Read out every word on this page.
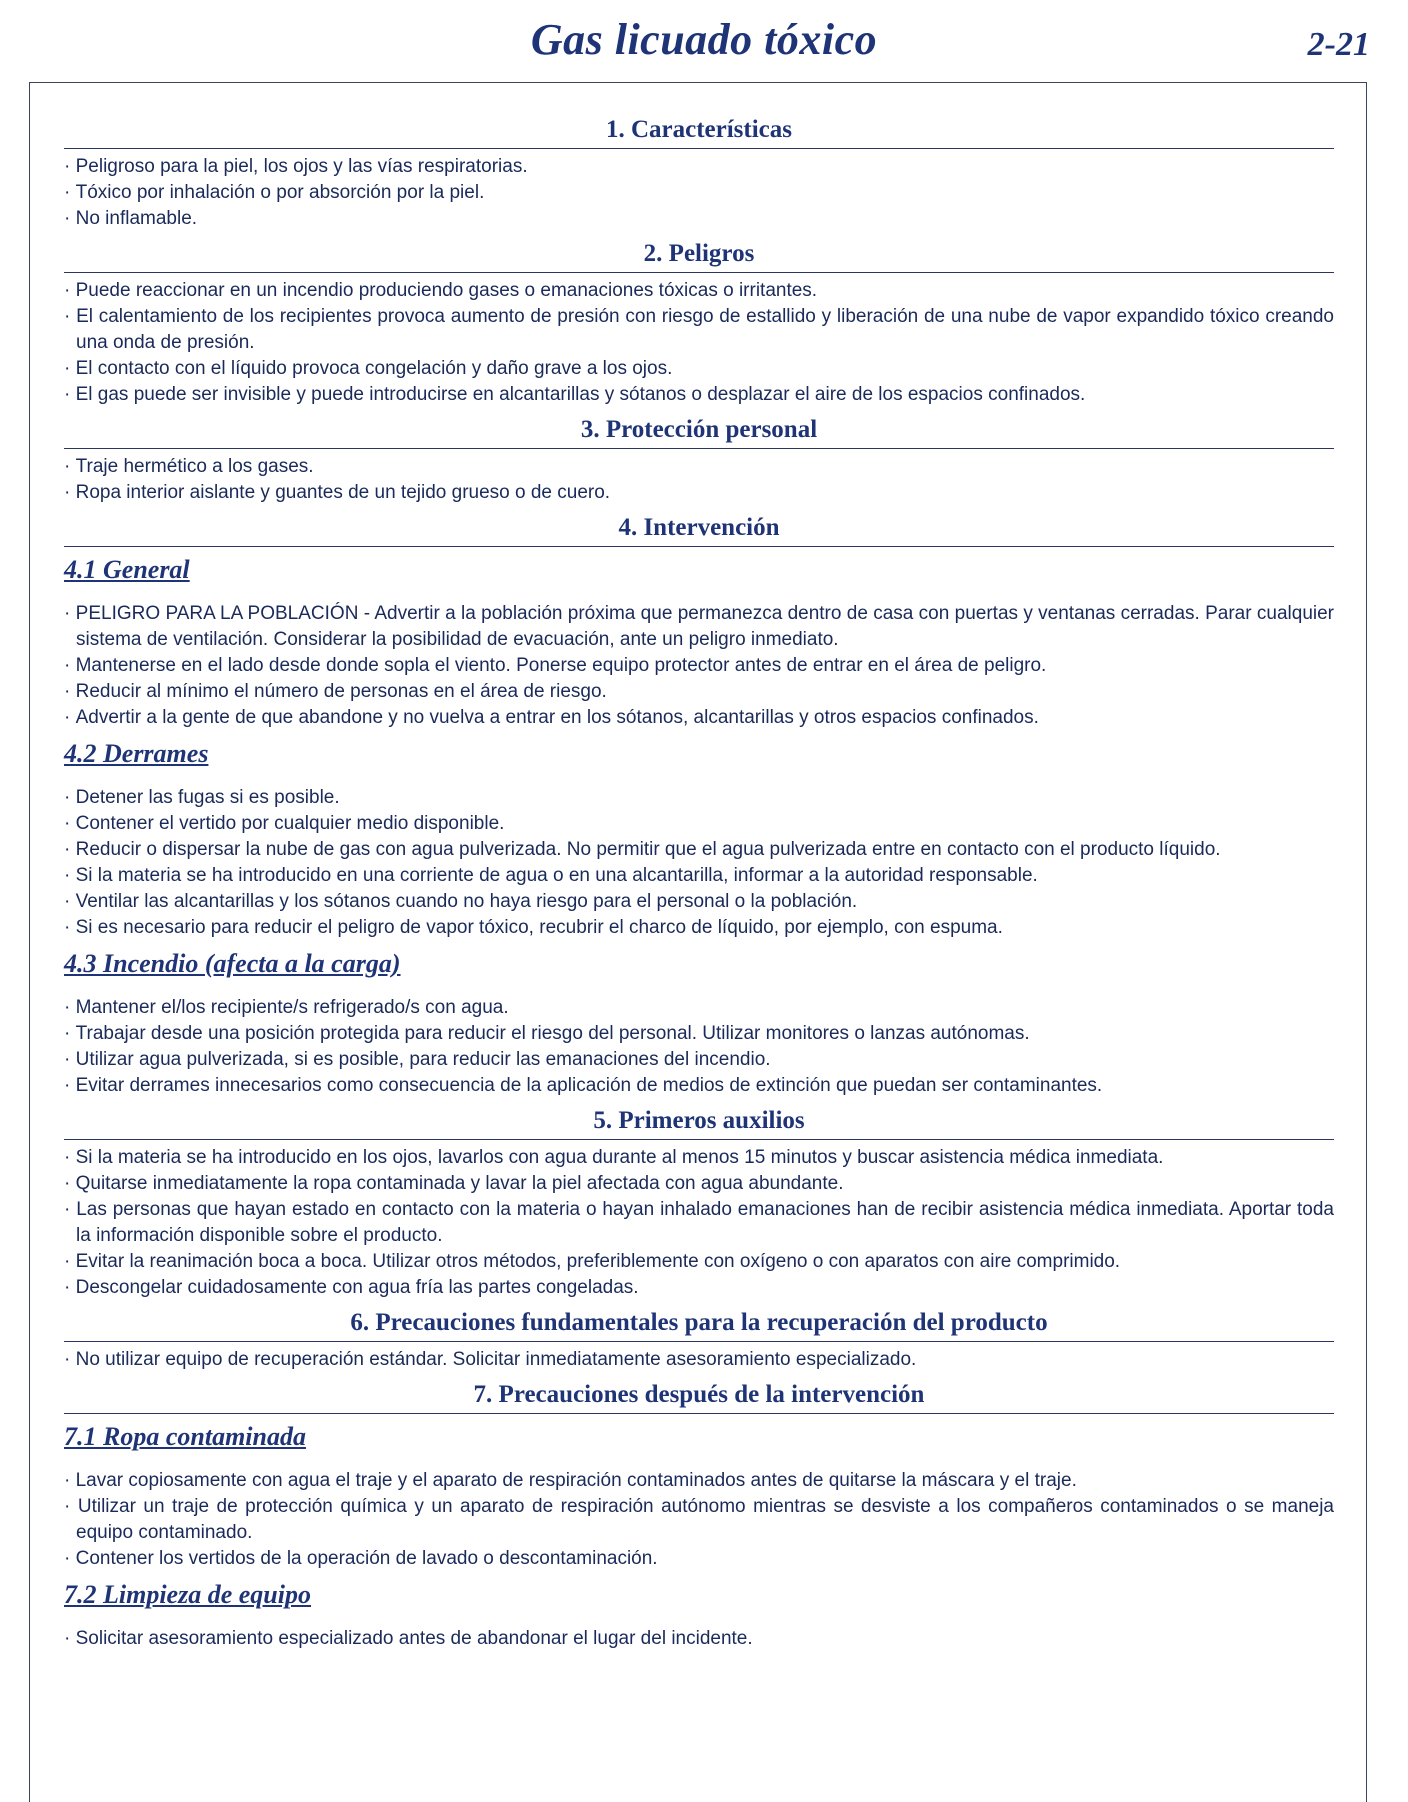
Gas licuado tóxico	2-21
1. Características
· Peligroso para la piel, los ojos y las vías respiratorias.
· Tóxico por inhalación o por absorción por la piel.
· No inflamable.
2. Peligros
· Puede reaccionar en un incendio produciendo gases o emanaciones tóxicas o irritantes.
· El calentamiento de los recipientes provoca aumento de presión con riesgo de estallido y liberación de una nube de vapor expandido tóxico creando una onda de presión.
· El contacto con el líquido provoca congelación y daño grave a los ojos.
· El gas puede ser invisible y puede introducirse en alcantarillas y sótanos o desplazar el aire de los espacios confinados.
3. Protección personal
· Traje hermético a los gases.
· Ropa interior aislante y guantes de un tejido grueso o de cuero.
4. Intervención
4.1 General
· PELIGRO PARA LA POBLACIÓN - Advertir a la población próxima que permanezca dentro de casa con puertas y ventanas cerradas. Parar cualquier sistema de ventilación. Considerar la posibilidad de evacuación, ante un peligro inmediato.
· Mantenerse en el lado desde donde sopla el viento. Ponerse equipo protector antes de entrar en el área de peligro.
· Reducir al mínimo el número de personas en el área de riesgo.
· Advertir a la gente de que abandone y no vuelva a entrar en los sótanos, alcantarillas y otros espacios confinados.
4.2 Derrames
· Detener las fugas si es posible.
· Contener el vertido por cualquier medio disponible.
· Reducir o dispersar la nube de gas con agua pulverizada. No permitir que el agua pulverizada entre en contacto con el producto líquido.
· Si la materia se ha introducido en una corriente de agua o en una alcantarilla, informar a la autoridad responsable.
· Ventilar las alcantarillas y los sótanos cuando no haya riesgo para el personal o la población.
· Si es necesario para reducir el peligro de vapor tóxico, recubrir el charco de líquido, por ejemplo, con espuma.
4.3 Incendio (afecta a la carga)
· Mantener el/los recipiente/s refrigerado/s con agua.
· Trabajar desde una posición protegida para reducir el riesgo del personal. Utilizar monitores o lanzas autónomas.
· Utilizar agua pulverizada, si es posible, para reducir las emanaciones del incendio.
· Evitar derrames innecesarios como consecuencia de la aplicación de medios de extinción que puedan ser contaminantes.
5. Primeros auxilios
· Si la materia se ha introducido en los ojos, lavarlos con agua durante al menos 15 minutos y buscar asistencia médica inmediata.
· Quitarse inmediatamente la ropa contaminada y lavar la piel afectada con agua abundante.
· Las personas que hayan estado en contacto con la materia o hayan inhalado emanaciones han de recibir asistencia médica inmediata. Aportar toda la información disponible sobre el producto.
· Evitar la reanimación boca a boca. Utilizar otros métodos, preferiblemente con oxígeno o con aparatos con aire comprimido.
· Descongelar cuidadosamente con agua fría las partes congeladas.
6. Precauciones fundamentales para la recuperación del producto
· No utilizar equipo de recuperación estándar. Solicitar inmediatamente asesoramiento especializado.
7. Precauciones después de la intervención
7.1 Ropa contaminada
· Lavar copiosamente con agua el traje y el aparato de respiración contaminados antes de quitarse la máscara y el traje.
· Utilizar un traje de protección química y un aparato de respiración autónomo mientras se desviste a los compañeros contaminados o se maneja equipo contaminado.
· Contener los vertidos de la operación de lavado o descontaminación.
7.2 Limpieza de equipo
· Solicitar asesoramiento especializado antes de abandonar el lugar del incidente.
